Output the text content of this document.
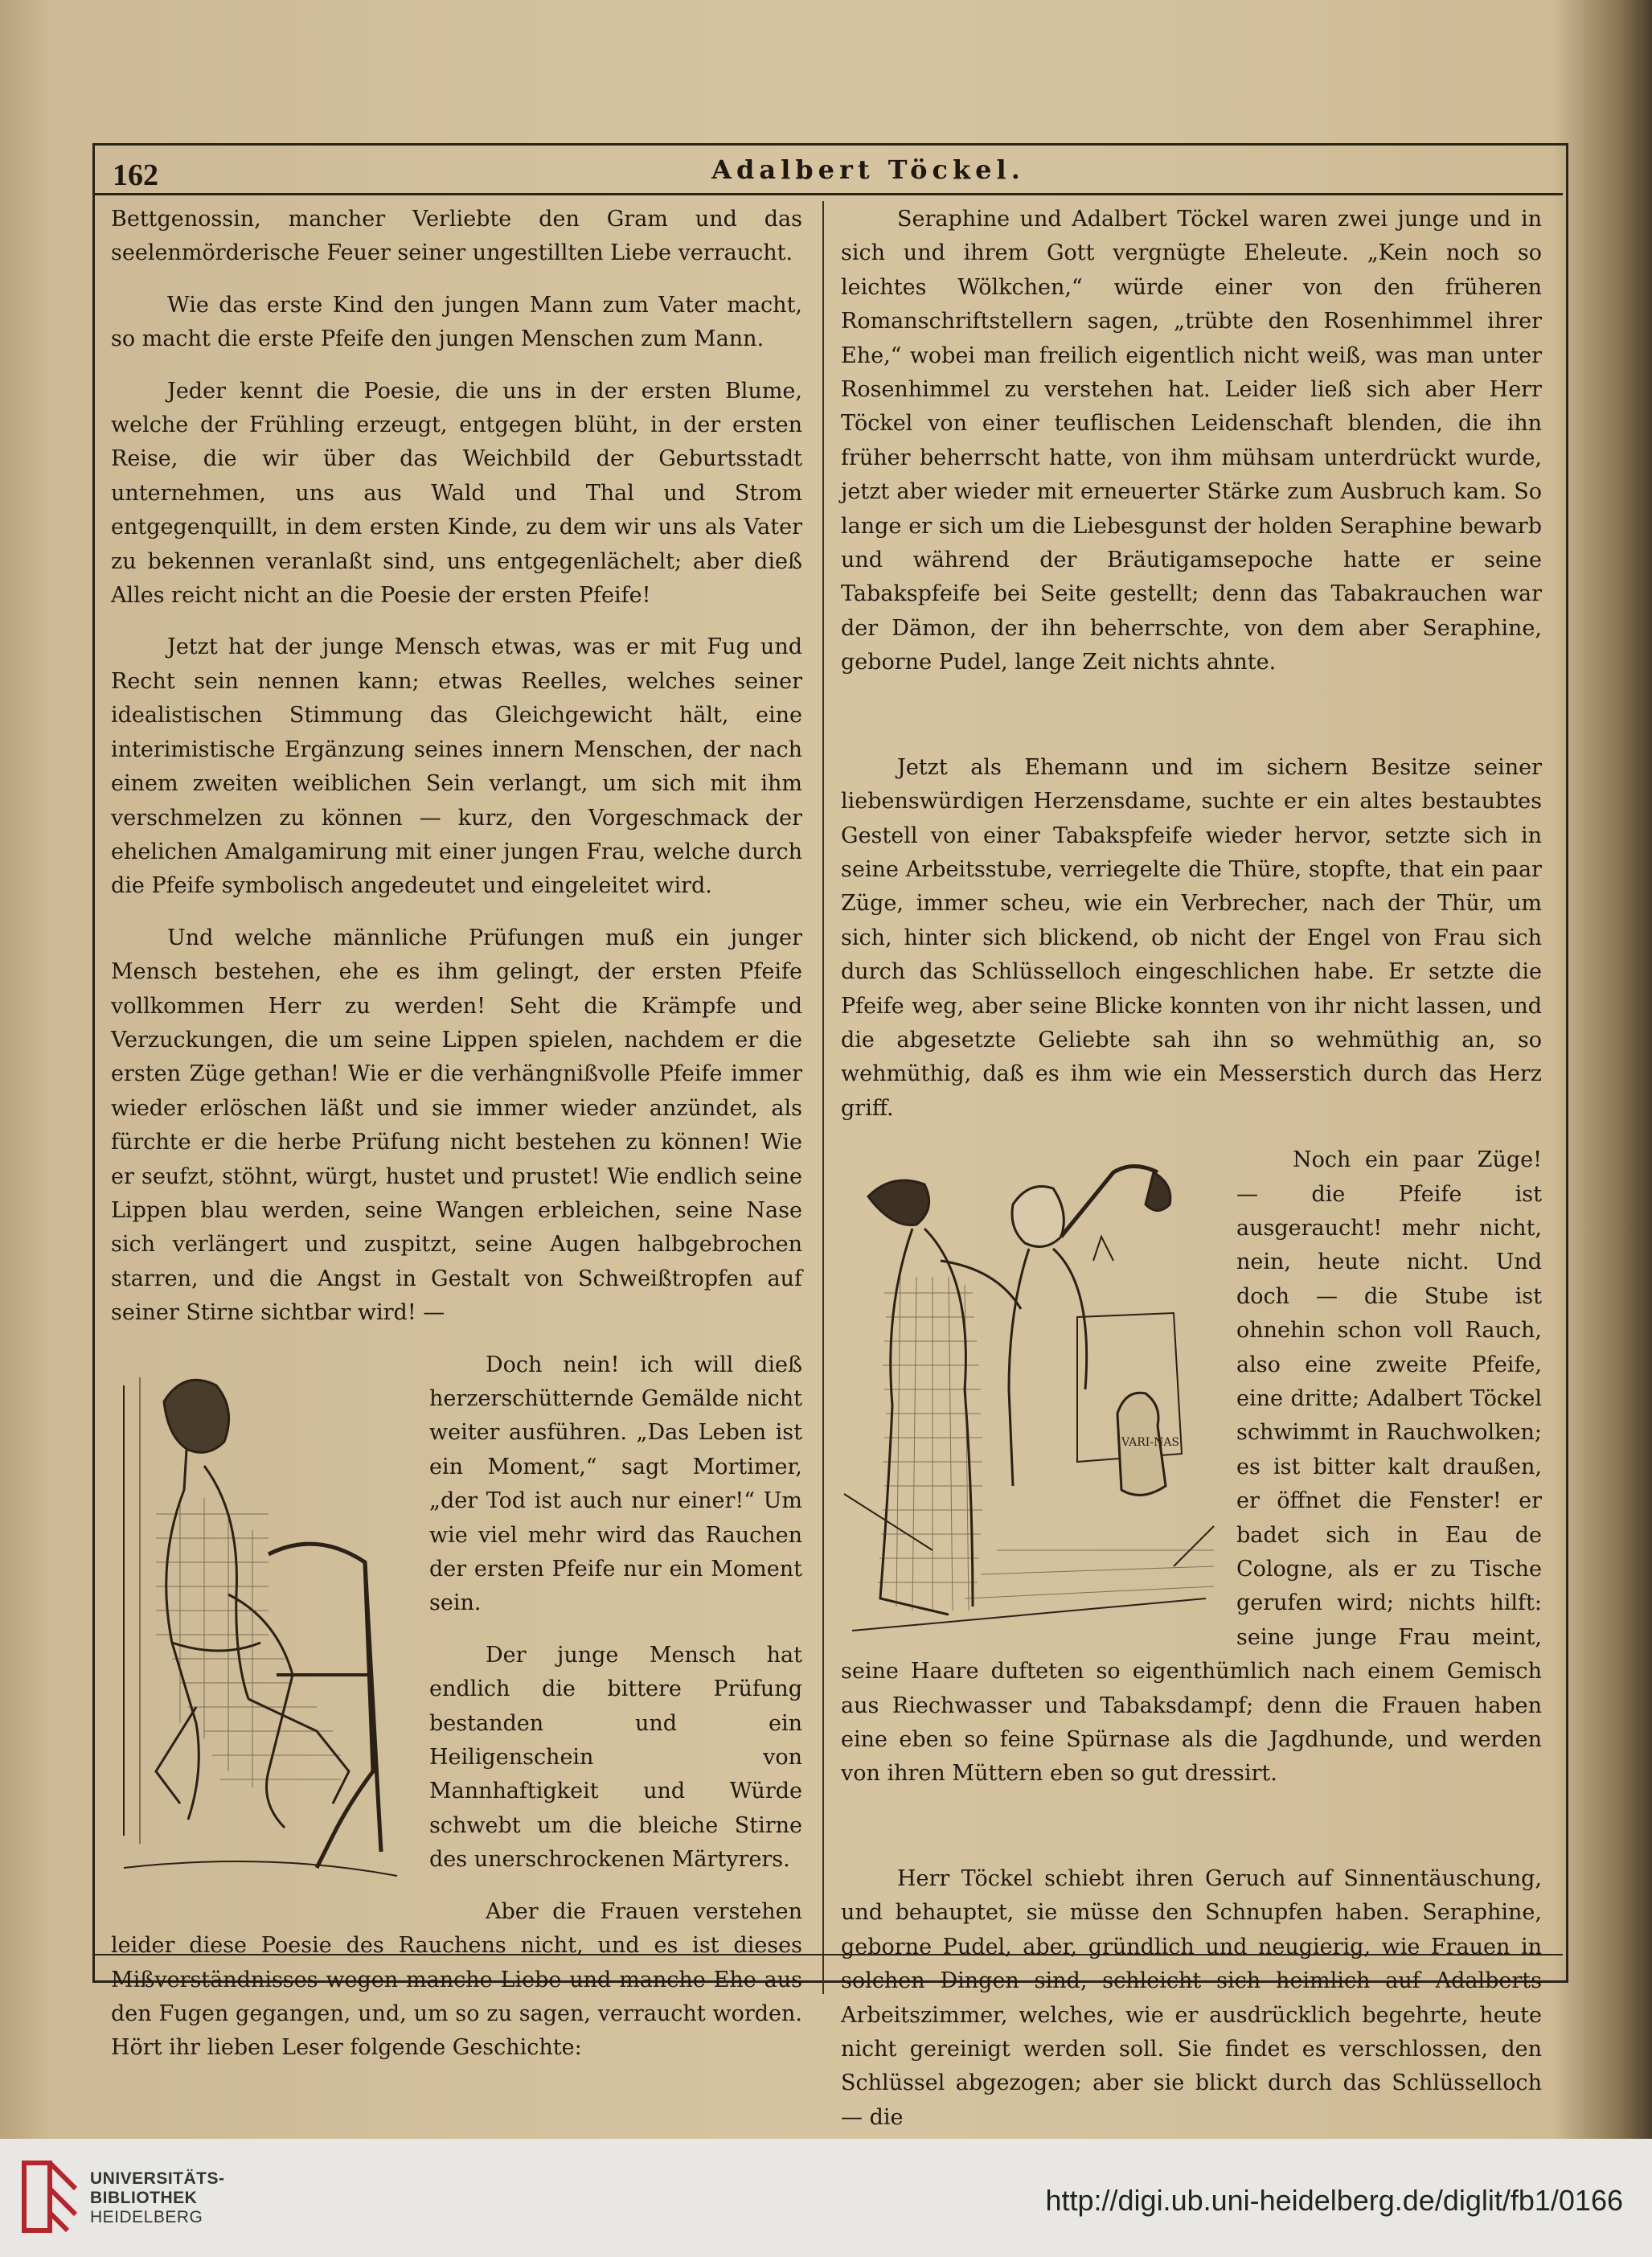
162	Adalbert Töckel.

Bettgenossin, mancher Verliebte den Gram und das seelenmörderische Feuer seiner ungestillten Liebe verraucht.

Wie das erste Kind den jungen Mann zum Vater macht, so macht die erste Pfeife den jungen Menschen zum Mann.

Jeder kennt die Poesie, die uns in der ersten Blume, welche der Frühling erzeugt, entgegen blüht, in der ersten Reise, die wir über das Weichbild der Geburtsstadt unternehmen, uns aus Wald und Thal und Strom entgegenquillt, in dem ersten Kinde, zu dem wir uns als Vater zu bekennen veranlaßt sind, uns entgegenlächelt; aber dieß Alles reicht nicht an die Poesie der ersten Pfeife!

Jetzt hat der junge Mensch etwas, was er mit Fug und Recht sein nennen kann; etwas Reelles, welches seiner idealistischen Stimmung das Gleichgewicht hält, eine interimistische Ergänzung seines innern Menschen, der nach einem zweiten weiblichen Sein verlangt, um sich mit ihm verschmelzen zu können — kurz, den Vorgeschmack der ehelichen Amalgamirung mit einer jungen Frau, welche durch die Pfeife symbolisch angedeutet und eingeleitet wird.

Und welche männliche Prüfungen muß ein junger Mensch bestehen, ehe es ihm gelingt, der ersten Pfeife vollkommen Herr zu werden! Seht die Krämpfe und Verzuckungen, die um seine Lippen spielen, nachdem er die ersten Züge gethan! Wie er die verhängnißvolle Pfeife immer wieder erlöschen läßt und sie immer wieder anzündet, als fürchte er die herbe Prüfung nicht bestehen zu können! Wie er seufzt, stöhnt, würgt, hustet und prustet! Wie endlich seine Lippen blau werden, seine Wangen erbleichen, seine Nase sich verlängert und zuspitzt, seine Augen halbgebrochen starren, und die Angst in Gestalt von Schweißtropfen auf seiner Stirne sichtbar wird! —

Doch nein! ich will dieß herzerschütternde Gemälde nicht weiter ausführen. „Das Leben ist ein Moment,“ sagt Mortimer, „der Tod ist auch nur einer!“ Um wie viel mehr wird das Rauchen der ersten Pfeife nur ein Moment sein.

Der junge Mensch hat endlich die bittere Prüfung bestanden und ein Heiligenschein von Mannhaftigkeit und Würde schwebt um die bleiche Stirne des unerschrockenen Märtyrers.

Aber die Frauen verstehen leider diese Poesie des Rauchens nicht, und es ist dieses Mißverständnisses wegen manche Liebe und manche Ehe aus den Fugen gegangen, und, um so zu sagen, verraucht worden. Hört ihr lieben Leser folgende Geschichte:

Seraphine und Adalbert Töckel waren zwei junge und in sich und ihrem Gott vergnügte Eheleute. „Kein noch so leichtes Wölkchen,“ würde einer von den früheren Romanschriftstellern sagen, „trübte den Rosenhimmel ihrer Ehe,“ wobei man freilich eigentlich nicht weiß, was man unter Rosenhimmel zu verstehen hat. Leider ließ sich aber Herr Töckel von einer teuflischen Leidenschaft blenden, die ihn früher beherrscht hatte, von ihm mühsam unterdrückt wurde, jetzt aber wieder mit erneuerter Stärke zum Ausbruch kam. So lange er sich um die Liebesgunst der holden Seraphine bewarb und während der Bräutigamsepoche hatte er seine Tabakspfeife bei Seite gestellt; denn das Tabakrauchen war der Dämon, der ihn beherrschte, von dem aber Seraphine, geborne Pudel, lange Zeit nichts ahnte.

Jetzt als Ehemann und im sichern Besitze seiner liebenswürdigen Herzensdame, suchte er ein altes bestaubtes Gestell von einer Tabakspfeife wieder hervor, setzte sich in seine Arbeitsstube, verriegelte die Thüre, stopfte, that ein paar Züge, immer scheu, wie ein Verbrecher, nach der Thür, um sich, hinter sich blickend, ob nicht der Engel von Frau sich durch das Schlüsselloch eingeschlichen habe. Er setzte die Pfeife weg, aber seine Blicke konnten von ihr nicht lassen, und die abgesetzte Geliebte sah ihn so wehmüthig an, so wehmüthig, daß es ihm wie ein Messerstich durch das Herz griff.

VARI-NAS

Noch ein paar Züge! — die Pfeife ist ausgeraucht! mehr nicht, nein, heute nicht. Und doch — die Stube ist ohnehin schon voll Rauch, also eine zweite Pfeife, eine dritte; Adalbert Töckel schwimmt in Rauchwolken; es ist bitter kalt draußen, er öffnet die Fenster! er badet sich in Eau de Cologne, als er zu Tische gerufen wird; nichts hilft: seine junge Frau meint, seine Haare dufteten so eigenthümlich nach einem Gemisch aus Riechwasser und Tabaksdampf; denn die Frauen haben eine eben so feine Spürnase als die Jagdhunde, und werden von ihren Müttern eben so gut dressirt.

Herr Töckel schiebt ihren Geruch auf Sinnentäuschung, und behauptet, sie müsse den Schnupfen haben. Seraphine, geborne Pudel, aber, gründlich und neugierig, wie Frauen in solchen Dingen sind, schleicht sich heimlich auf Adalberts Arbeitszimmer, welches, wie er ausdrücklich begehrte, heute nicht gereinigt werden soll. Sie findet es verschlossen, den Schlüssel abgezogen; aber sie blickt durch das Schlüsselloch — die

UNIVERSITÄTS-
BIBLIOTHEK
HEIDELBERG
http://digi.ub.uni-heidelberg.de/diglit/fb1/0166
